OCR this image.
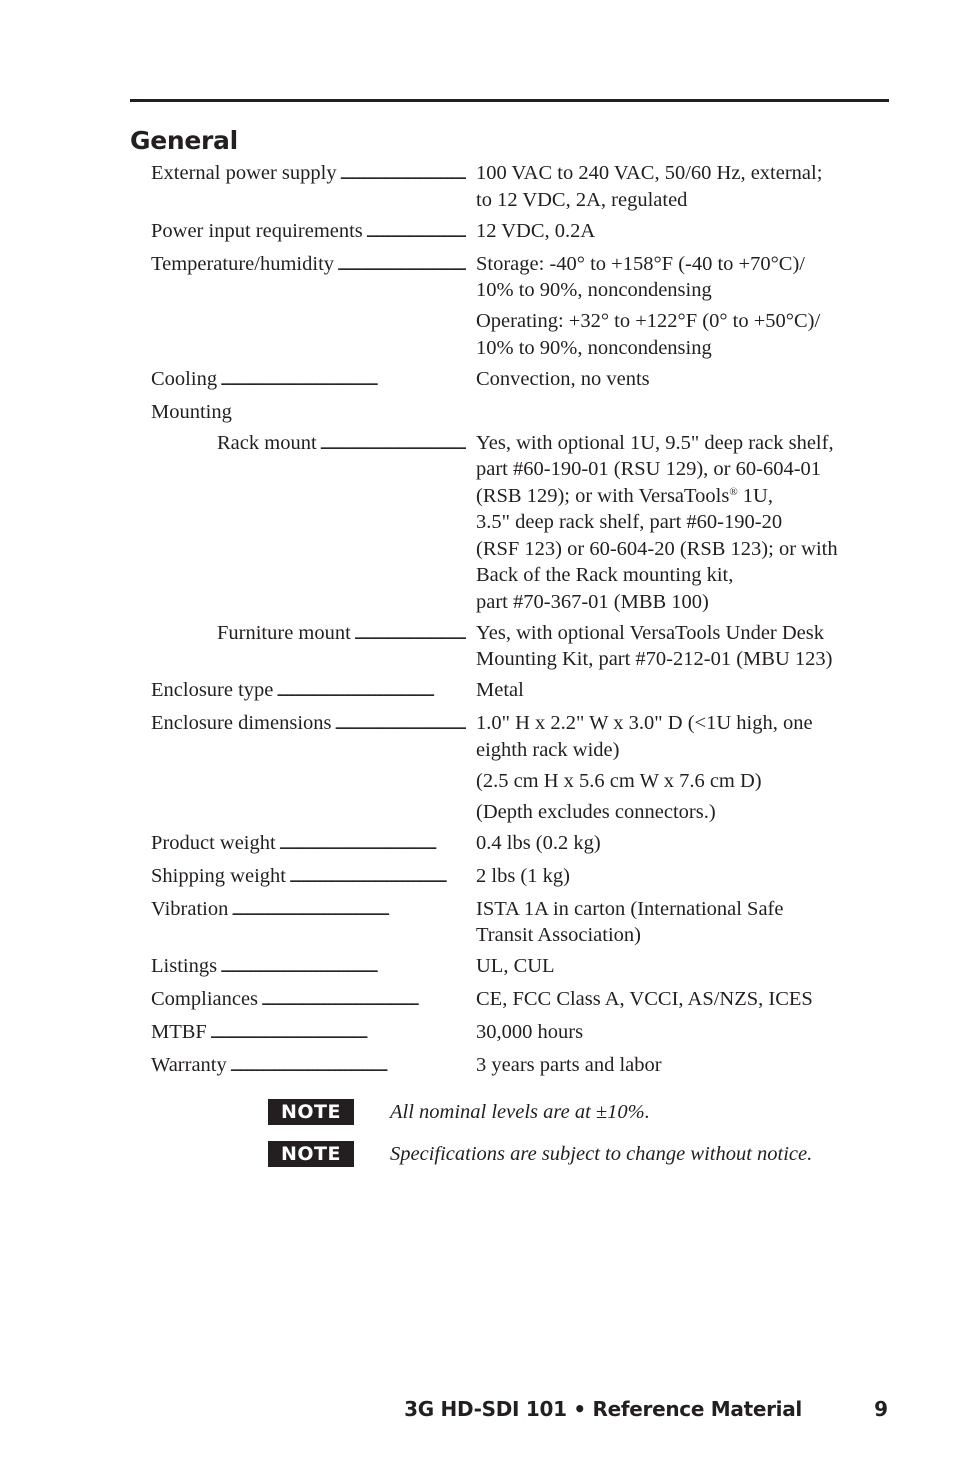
General
External power supply . . .	100 VAC to 240 VAC, 50/60 Hz, external;
to 12 VDC, 2A, regulated
Power input requirements . . .	12 VDC, 0.2A
Temperature/humidity . . .	Storage: -40° to +158°F (-40 to +70°C)/
10% to 90%, noncondensing
Operating: +32° to +122°F (0° to +50°C)/
10% to 90%, noncondensing
Cooling . . .	Convection, no vents
Mounting
Rack mount . . .	Yes, with optional 1U, 9.5" deep rack shelf,
part #60-190-01 (RSU 129), or 60-604-01
(RSB 129); or with VersaTools® 1U,
3.5" deep rack shelf, part #60-190-20
(RSF 123) or 60-604-20 (RSB 123); or with
Back of the Rack mounting kit,
part #70-367-01 (MBB 100)
Furniture mount . . .	Yes, with optional VersaTools Under Desk
Mounting Kit, part #70-212-01 (MBU 123)
Enclosure type . . .	Metal
Enclosure dimensions . . .	1.0" H x 2.2" W x 3.0" D (<1U high, one
eighth rack wide)
(2.5 cm H x 5.6 cm W x 7.6 cm D)
(Depth excludes connectors.)
Product weight . . .	0.4 lbs (0.2 kg)
Shipping weight . . .	2 lbs (1 kg)
Vibration . . .	ISTA 1A in carton (International Safe
Transit Association)
Listings . . .	UL, CUL
Compliances . . .	CE, FCC Class A, VCCI, AS/NZS, ICES
MTBF . . .	30,000 hours
Warranty . . .	3 years parts and labor
NOTE	All nominal levels are at ±10%.
NOTE	Specifications are subject to change without notice.
3G HD-SDI 101 • Reference Material	9
